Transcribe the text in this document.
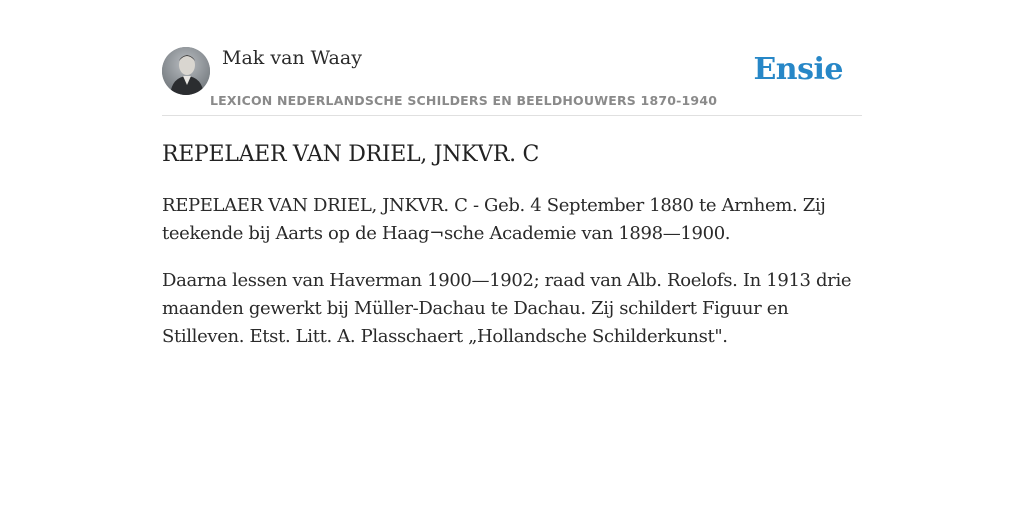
Mak van Waay
LEXICON NEDERLANDSCHE SCHILDERS EN BEELDHOUWERS 1870-1940
Ensie
REPELAER VAN DRIEL, JNKVR. C

REPELAER VAN DRIEL, JNKVR. C - Geb. 4 September 1880 te Arnhem. Zij teekende bij Aarts op de Haag¬sche Academie van 1898—1900.

Daarna lessen van Haverman 1900—1902; raad van Alb. Roelofs. In 1913 drie maanden gewerkt bij Müller-Dachau te Dachau. Zij schildert Figuur en Stilleven. Etst. Litt. A. Plasschaert „Hollandsche Schilderkunst".
